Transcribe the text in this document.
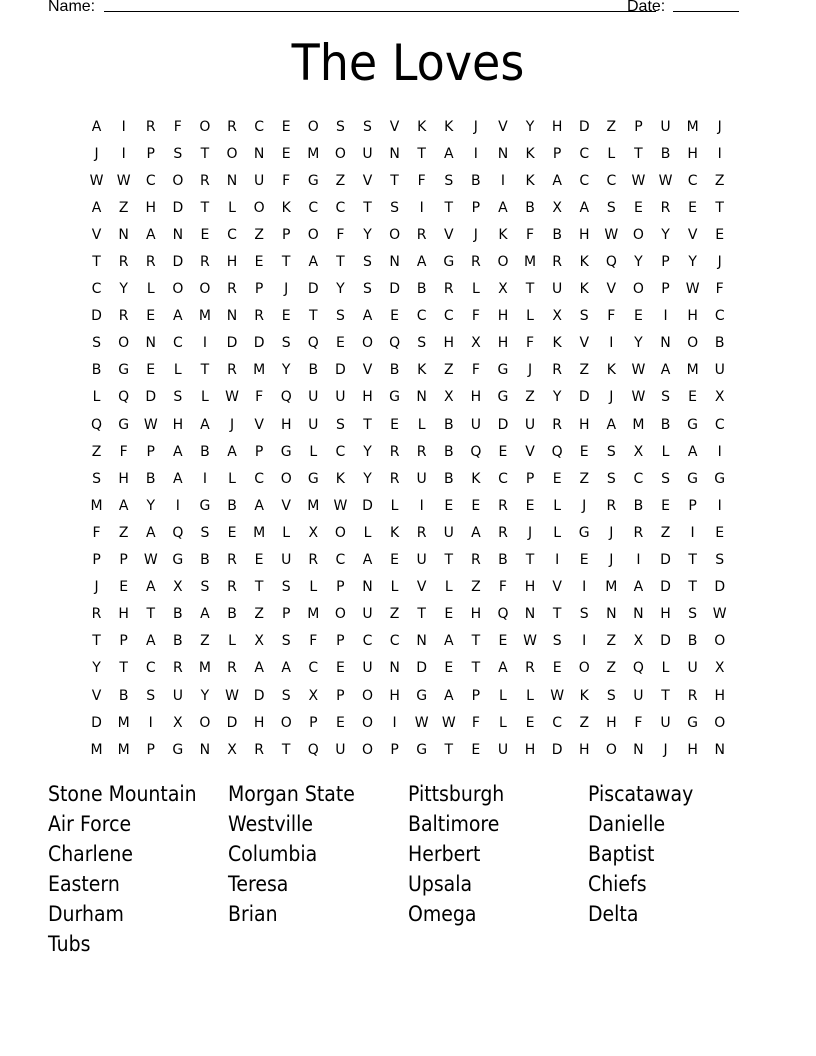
Name:	Date:
The Loves
A	I	R	F	O	R	C	E	O	S	S	V	K	K	J	V	Y	H	D	Z	P	U	M	J
J	I	P	S	T	O	N	E	M	O	U	N	T	A	I	N	K	P	C	L	T	B	H	I
W W	C	O	R	N	U	F	G	Z	V	T	F	S	B	I	K	A	C	C	W W	C	Z
A	Z	H	D	T	L	O	K	C	C	T	S	I	T	P	A	B	X	A	S	E	R	E	T
V	N	A	N	E	C	Z	P	O	F	Y	O	R	V	J	K	F	B	H	W	O	Y	V	E
T	R	R	D	R	H	E	T	A	T	S	N	A	G	R	O	M	R	K	Q	Y	P	Y	J
C	Y	L	O	O	R	P	J	D	Y	S	D	B	R	L	X	T	U	K	V	O	P	W	F
D	R	E	A	M	N	R	E	T	S	A	E	C	C	F	H	L	X	S	F	E	I	H	C
S	O	N	C	I	D	D	S	Q	E	O	Q	S	H	X	H	F	K	V	I	Y	N	O	B
B	G	E	L	T	R	M	Y	B	D	V	B	K	Z	F	G	J	R	Z	K	W	A	M	U
L	Q	D	S	L	W	F	Q	U	U	H	G	N	X	H	G	Z	Y	D	J	W	S	E	X
Q	G	W	H	A	J	V	H	U	S	T	E	L	B	U	D	U	R	H	A	M	B	G	C
Z	F	P	A	B	A	P	G	L	C	Y	R	R	B	Q	E	V	Q	E	S	X	L	A	I
S	H	B	A	I	L	C	O	G	K	Y	R	U	B	K	C	P	E	Z	S	C	S	G	G
M	A	Y	I	G	B	A	V	M	W	D	L	I	E	E	R	E	L	J	R	B	E	P	I
F	Z	A	Q	S	E	M	L	X	O	L	K	R	U	A	R	J	L	G	J	R	Z	I	E
P	P	W	G	B	R	E	U	R	C	A	E	U	T	R	B	T	I	E	J	I	D	T	S
J	E	A	X	S	R	T	S	L	P	N	L	V	L	Z	F	H	V	I	M	A	D	T	D
R	H	T	B	A	B	Z	P	M	O	U	Z	T	E	H	Q	N	T	S	N	N	H	S	W
T	P	A	B	Z	L	X	S	F	P	C	C	N	A	T	E	W	S	I	Z	X	D	B	O
Y	T	C	R	M	R	A	A	C	E	U	N	D	E	T	A	R	E	O	Z	Q	L	U	X
V	B	S	U	Y	W	D	S	X	P	O	H	G	A	P	L	L	W	K	S	U	T	R	H
D	M	I	X	O	D	H	O	P	E	O	I	W W	F	L	E	C	Z	H	F	U	G	O
M	M	P	G	N	X	R	T	Q	U	O	P	G	T	E	U	H	D	H	O	N	J	H	N
Stone Mountain	Morgan State	Pittsburgh	Piscataway
Air Force	Westville	Baltimore	Danielle
Charlene	Columbia	Herbert	Baptist
Eastern	Teresa	Upsala	Chiefs
Durham	Brian	Omega	Delta
Tubs
